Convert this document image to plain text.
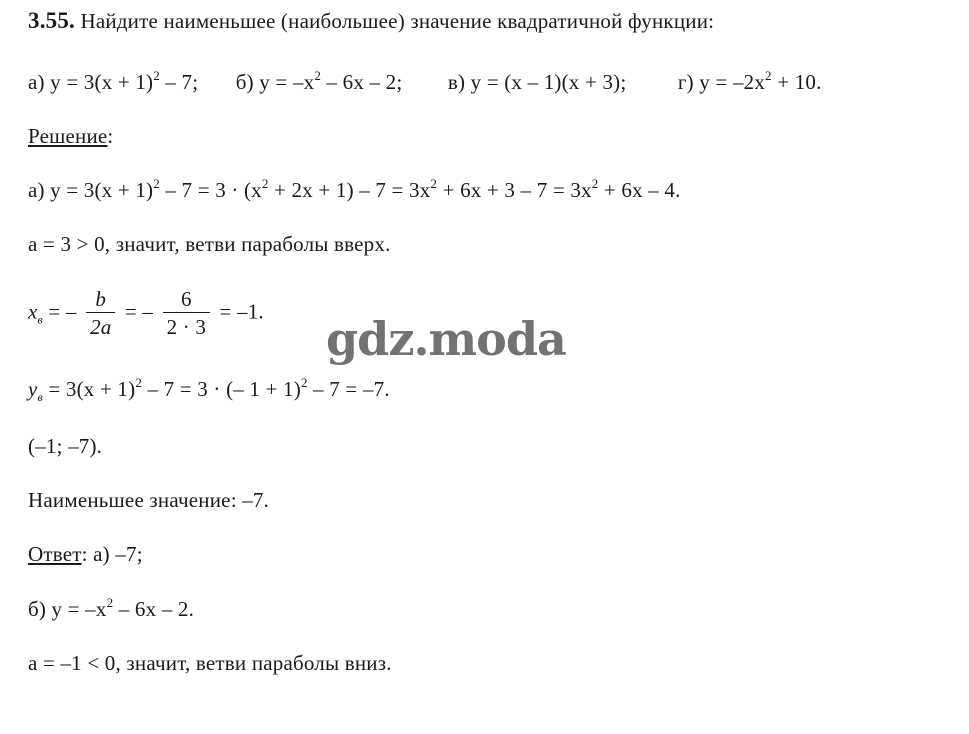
3.55. Найдите наименьшее (наибольшее) значение квадратичной функции:
а) $y = 3(x + 1)^2 - 7$; б) $y = -x^2 - 6x - 2$; в) y = (x – 1)(x + 3); г) $y = -2x^2 + 10$.
Решение:
а) $y = 3(x + 1)^2 - 7 = 3 \cdot (x^2 + 2x + 1) - 7 = 3x^2 + 6x + 3 - 7 = 3x^2 + 6x - 4$.
a = 3 > 0, значит, ветви параболы вверх.
$x_в$ = – $\frac{b}{2a}$ = – $\frac{6}{2 \cdot 3} = -1$.
gdz.moda
$y_в = 3(x + 1)^2 - 7 = 3$ · (– 1 + 1)$^2$ – 7 = –7.
(–1; –7).
Наименьшее значение: –7.
Ответ: а) –7;
б) $y = -x^2 - 6x - 2$.
a = –1 < 0, значит, ветви параболы вниз.
